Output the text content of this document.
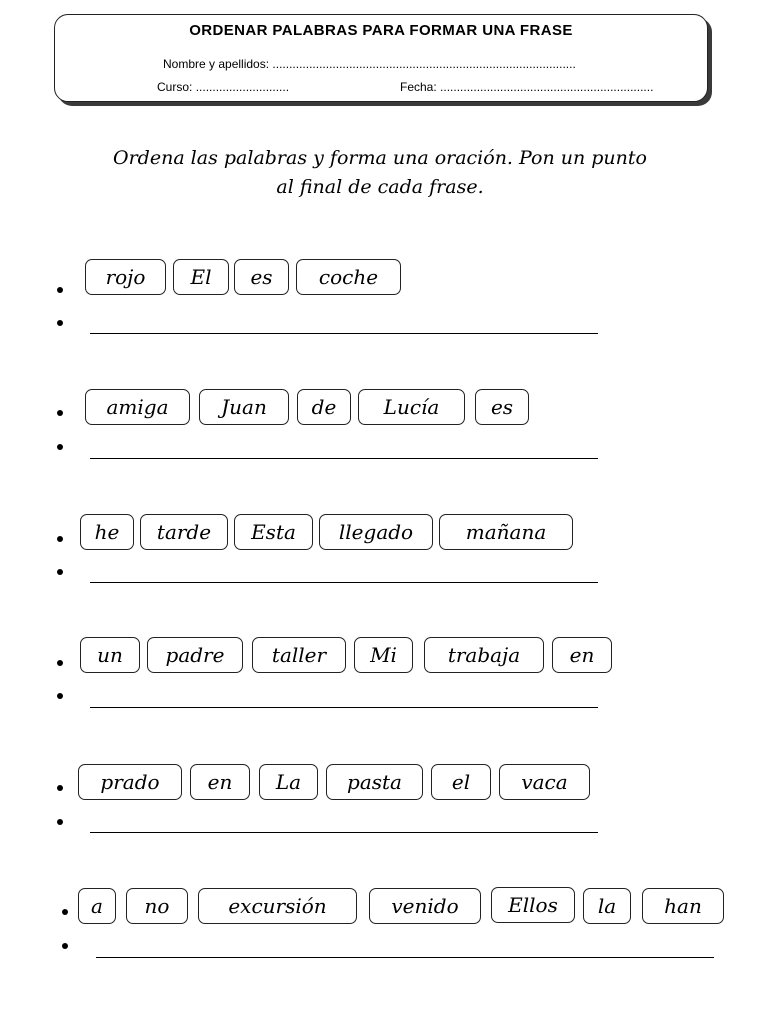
ORDENAR PALABRAS PARA FORMAR UNA FRASE
Nombre y apellidos: ...........................................................................................
Curso: ............................	Fecha: ................................................................
Ordena las palabras y forma una oración. Pon un punto
al final de cada frase.
rojo	El	es	coche
amiga	Juan	de	Lucía	es
he	tarde	Esta	llegado	mañana
un	padre	taller	Mi	trabaja	en
prado	en	La	pasta	el	vaca
a	no	excursión	venido	Ellos	la	han
